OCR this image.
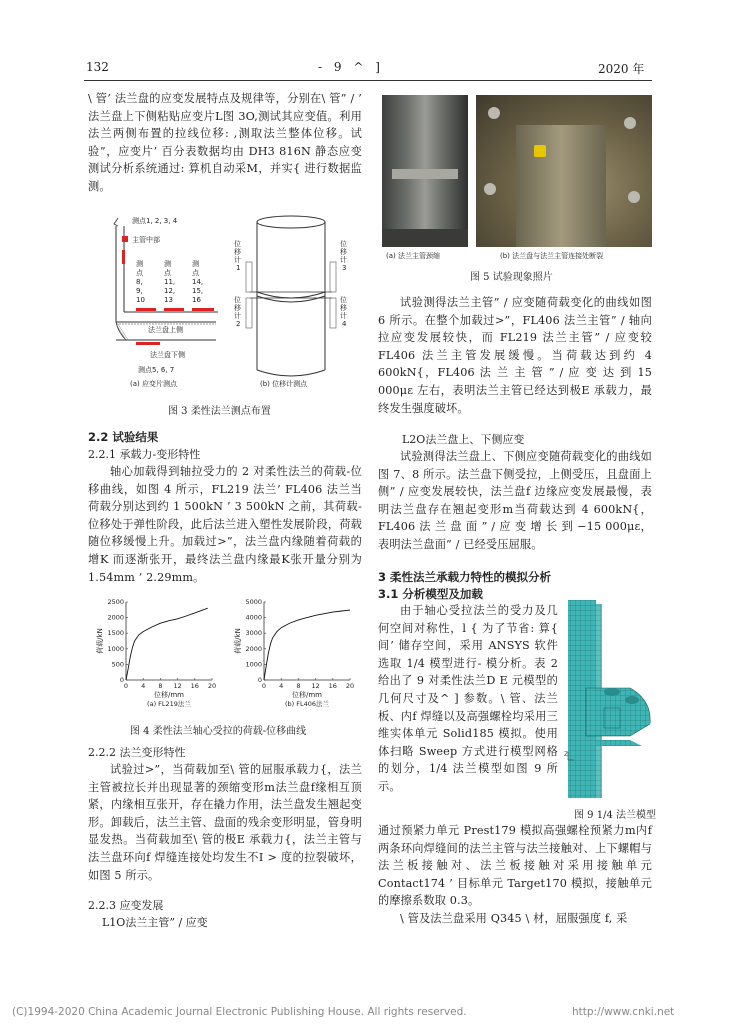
132	- 9 ^ ]	2020 年
\ 管’ 法兰盘的应变发展特点及规律等，分别在\ 管” / ’ 法兰盘上下侧粘贴应变片L图 3O,测试其应变值。利用法兰两侧布置的拉线位移: ,测取法兰整体位移。试验”，应变片’ 百分表数据均由 DH3 816N 静态应变测试分析系统通过: 算机自动采M，并实{ 进行数据监测。
测点1, 2, 3, 4
主管中部
测
点
8,
9,
10
测
点
11,
12,
13
测
点
14,
15,
16
法兰盘上侧
法兰盘下侧
测点5, 6, 7
(a) 应变片测点
位
移
计
1
位
移
计
2
位
移
计
3
位
移
计
4
(b) 位移计测点
图 3 柔性法兰测点布置
2.2 试验结果
2.2.1 承载力-变形特性
轴心加载得到轴拉受力的 2 对柔性法兰的荷载-位移曲线，如图 4 所示，FL219 法兰’ FL406 法兰当荷载分别达到约 1 500kN ’ 3 500kN 之前，其荷载-位移处于弹性阶段，此后法兰进入塑性发展阶段，荷载随位移缓慢上升。加载过>”，法兰盘内缘随着荷载的增K 而逐渐张开，最终法兰盘内缘最K张开量分别为 1.54mm ’ 2.29mm。
0 4 8 12 16 20
0
500
1000
1500
2000
2500
位移/mm
荷载/kN
(a) FL219法兰
0 4 8 12 16 20
0
1000
2000
3000
4000
5000
位移/mm
荷载/kN
(b) FL406法兰
图 4 柔性法兰轴心受拉的荷载-位移曲线
2.2.2 法兰变形特性
试验过>”，当荷载加至\ 管的屈服承载力{，法兰主管被拉长并出现显著的颈缩变形m法兰盘f缘相互顶紧，内缘相互张开，存在撬力作用，法兰盘发生翘起变形。卸载后，法兰主管、盘面的残余变形明显，管身明显发热。当荷载加至\ 管的极E 承载力{，法兰主管与法兰盘环向f 焊缝连接处均发生不I > 度的拉裂破坏，如图 5 所示。
2.2.3 应变发展
L1O法兰主管” / 应变
(a) 法兰主管颈缩	(b) 法兰盘与法兰主管连接处断裂
图 5 试验现象照片
试验测得法兰主管” / 应变随荷载变化的曲线如图 6 所示。在整个加载过>”，FL406 法兰主管” / 轴向拉应变发展较快，而 FL219 法兰主管” / 应变较 FL406 法兰主管发展缓慢。当荷载达到约 4 600kN{，FL406 法 兰 主 管 ” / 应 变 达 到 15 000με 左右，表明法兰主管已经达到极E 承载力，最终发生强度破坏。
L2O法兰盘上、下侧应变
试验测得法兰盘上、下侧应变随荷载变化的曲线如图 7、8 所示。法兰盘下侧受拉，上侧受压，且盘面上侧” / 应变发展较快，法兰盘f 边缘应变发展最慢，表明法兰盘存在翘起变形m当荷载达到 4 600kN{，FL406 法 兰 盘 面 ” / 应 变 增 长 到 −15 000με，表明法兰盘面” / 已经受压屈服。
3 柔性法兰承载力特性的模拟分析
3.1 分析模型及加载
由于轴心受拉法兰的受力及几何空间对称性，l { 为了节省: 算{ 间’ 储存空间，采用 ANSYS 软件选取 1/4 模型进行- 模分析。表 2 给出了 9 对柔性法兰D E 元模型的几何尺寸及^ ] 参数。\ 管、法兰板、内f 焊缝以及高强螺栓均采用三维实体单元 Solid185 模拟。使用体扫略 Sweep 方式进行模型网格的划分，1/4 法兰模型如图 9 所示。
Z
图 9 1/4 法兰模型
通过预紧力单元 Prest179 模拟高强螺栓预紧力m内f 两条环向焊缝间的法兰主管与法兰接触对、上下螺帽与法兰板接触对、法兰板接触对采用接触单元 Contact174 ’ 目标单元 Target170 模拟，接触单元的摩擦系数取 0.3。
\ 管及法兰盘采用 Q345 \ 材，屈服强度 f, 采
(C)1994-2020 China Academic Journal Electronic Publishing House. All rights reserved.	http://www.cnki.net
